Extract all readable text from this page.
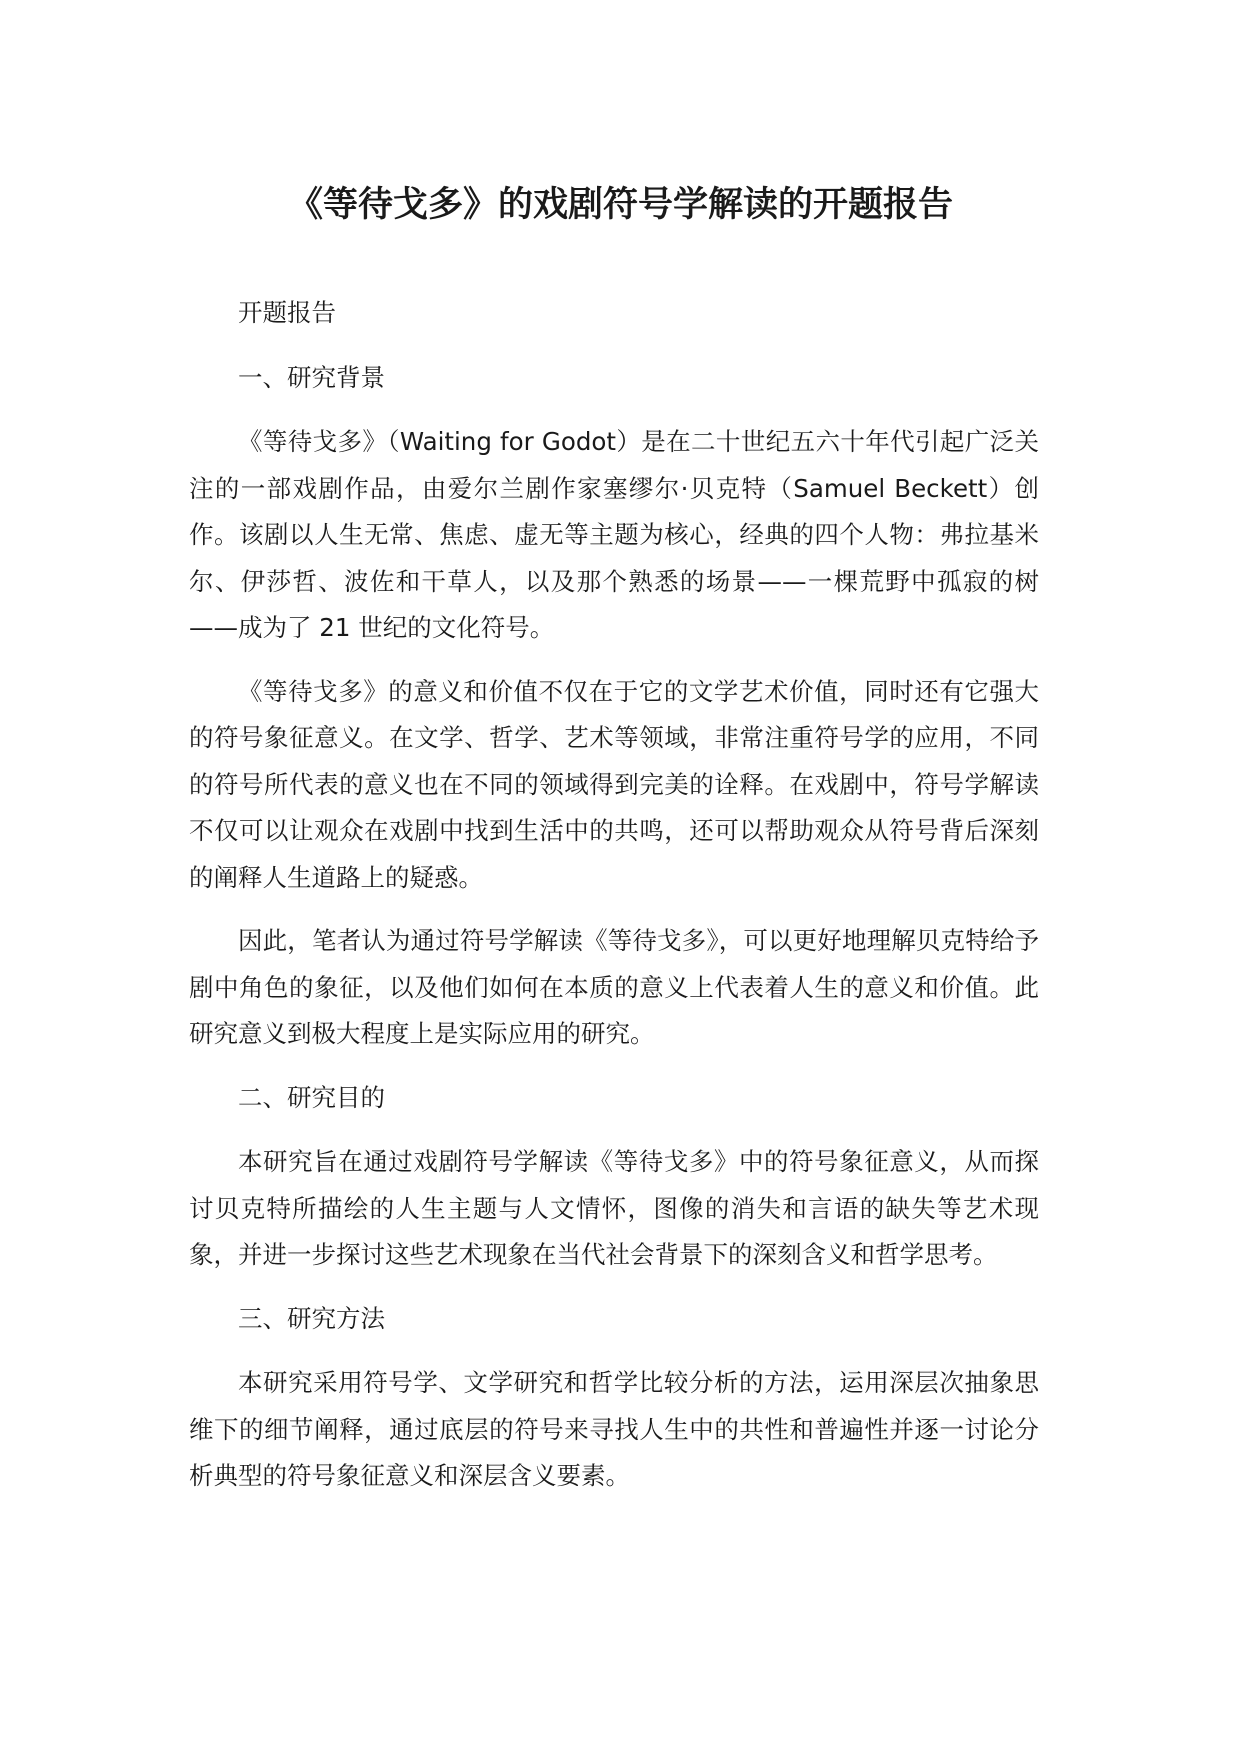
《等待戈多》的戏剧符号学解读的开题报告

开题报告

一、研究背景

《等待戈多》（Waiting for Godot）是在二十世纪五六十年代引起广泛关注的一部戏剧作品，由爱尔兰剧作家塞缪尔·贝克特（Samuel Beckett）创作。该剧以人生无常、焦虑、虚无等主题为核心，经典的四个人物：弗拉基米尔、伊莎哲、波佐和干草人，以及那个熟悉的场景——一棵荒野中孤寂的树——成为了 21 世纪的文化符号。

《等待戈多》的意义和价值不仅在于它的文学艺术价值，同时还有它强大的符号象征意义。在文学、哲学、艺术等领域，非常注重符号学的应用，不同的符号所代表的意义也在不同的领域得到完美的诠释。在戏剧中，符号学解读不仅可以让观众在戏剧中找到生活中的共鸣，还可以帮助观众从符号背后深刻的阐释人生道路上的疑惑。

因此，笔者认为通过符号学解读《等待戈多》，可以更好地理解贝克特给予剧中角色的象征，以及他们如何在本质的意义上代表着人生的意义和价值。此研究意义到极大程度上是实际应用的研究。

二、研究目的

本研究旨在通过戏剧符号学解读《等待戈多》中的符号象征意义，从而探讨贝克特所描绘的人生主题与人文情怀，图像的消失和言语的缺失等艺术现象，并进一步探讨这些艺术现象在当代社会背景下的深刻含义和哲学思考。

三、研究方法

本研究采用符号学、文学研究和哲学比较分析的方法，运用深层次抽象思维下的细节阐释，通过底层的符号来寻找人生中的共性和普遍性并逐一讨论分析典型的符号象征意义和深层含义要素。
